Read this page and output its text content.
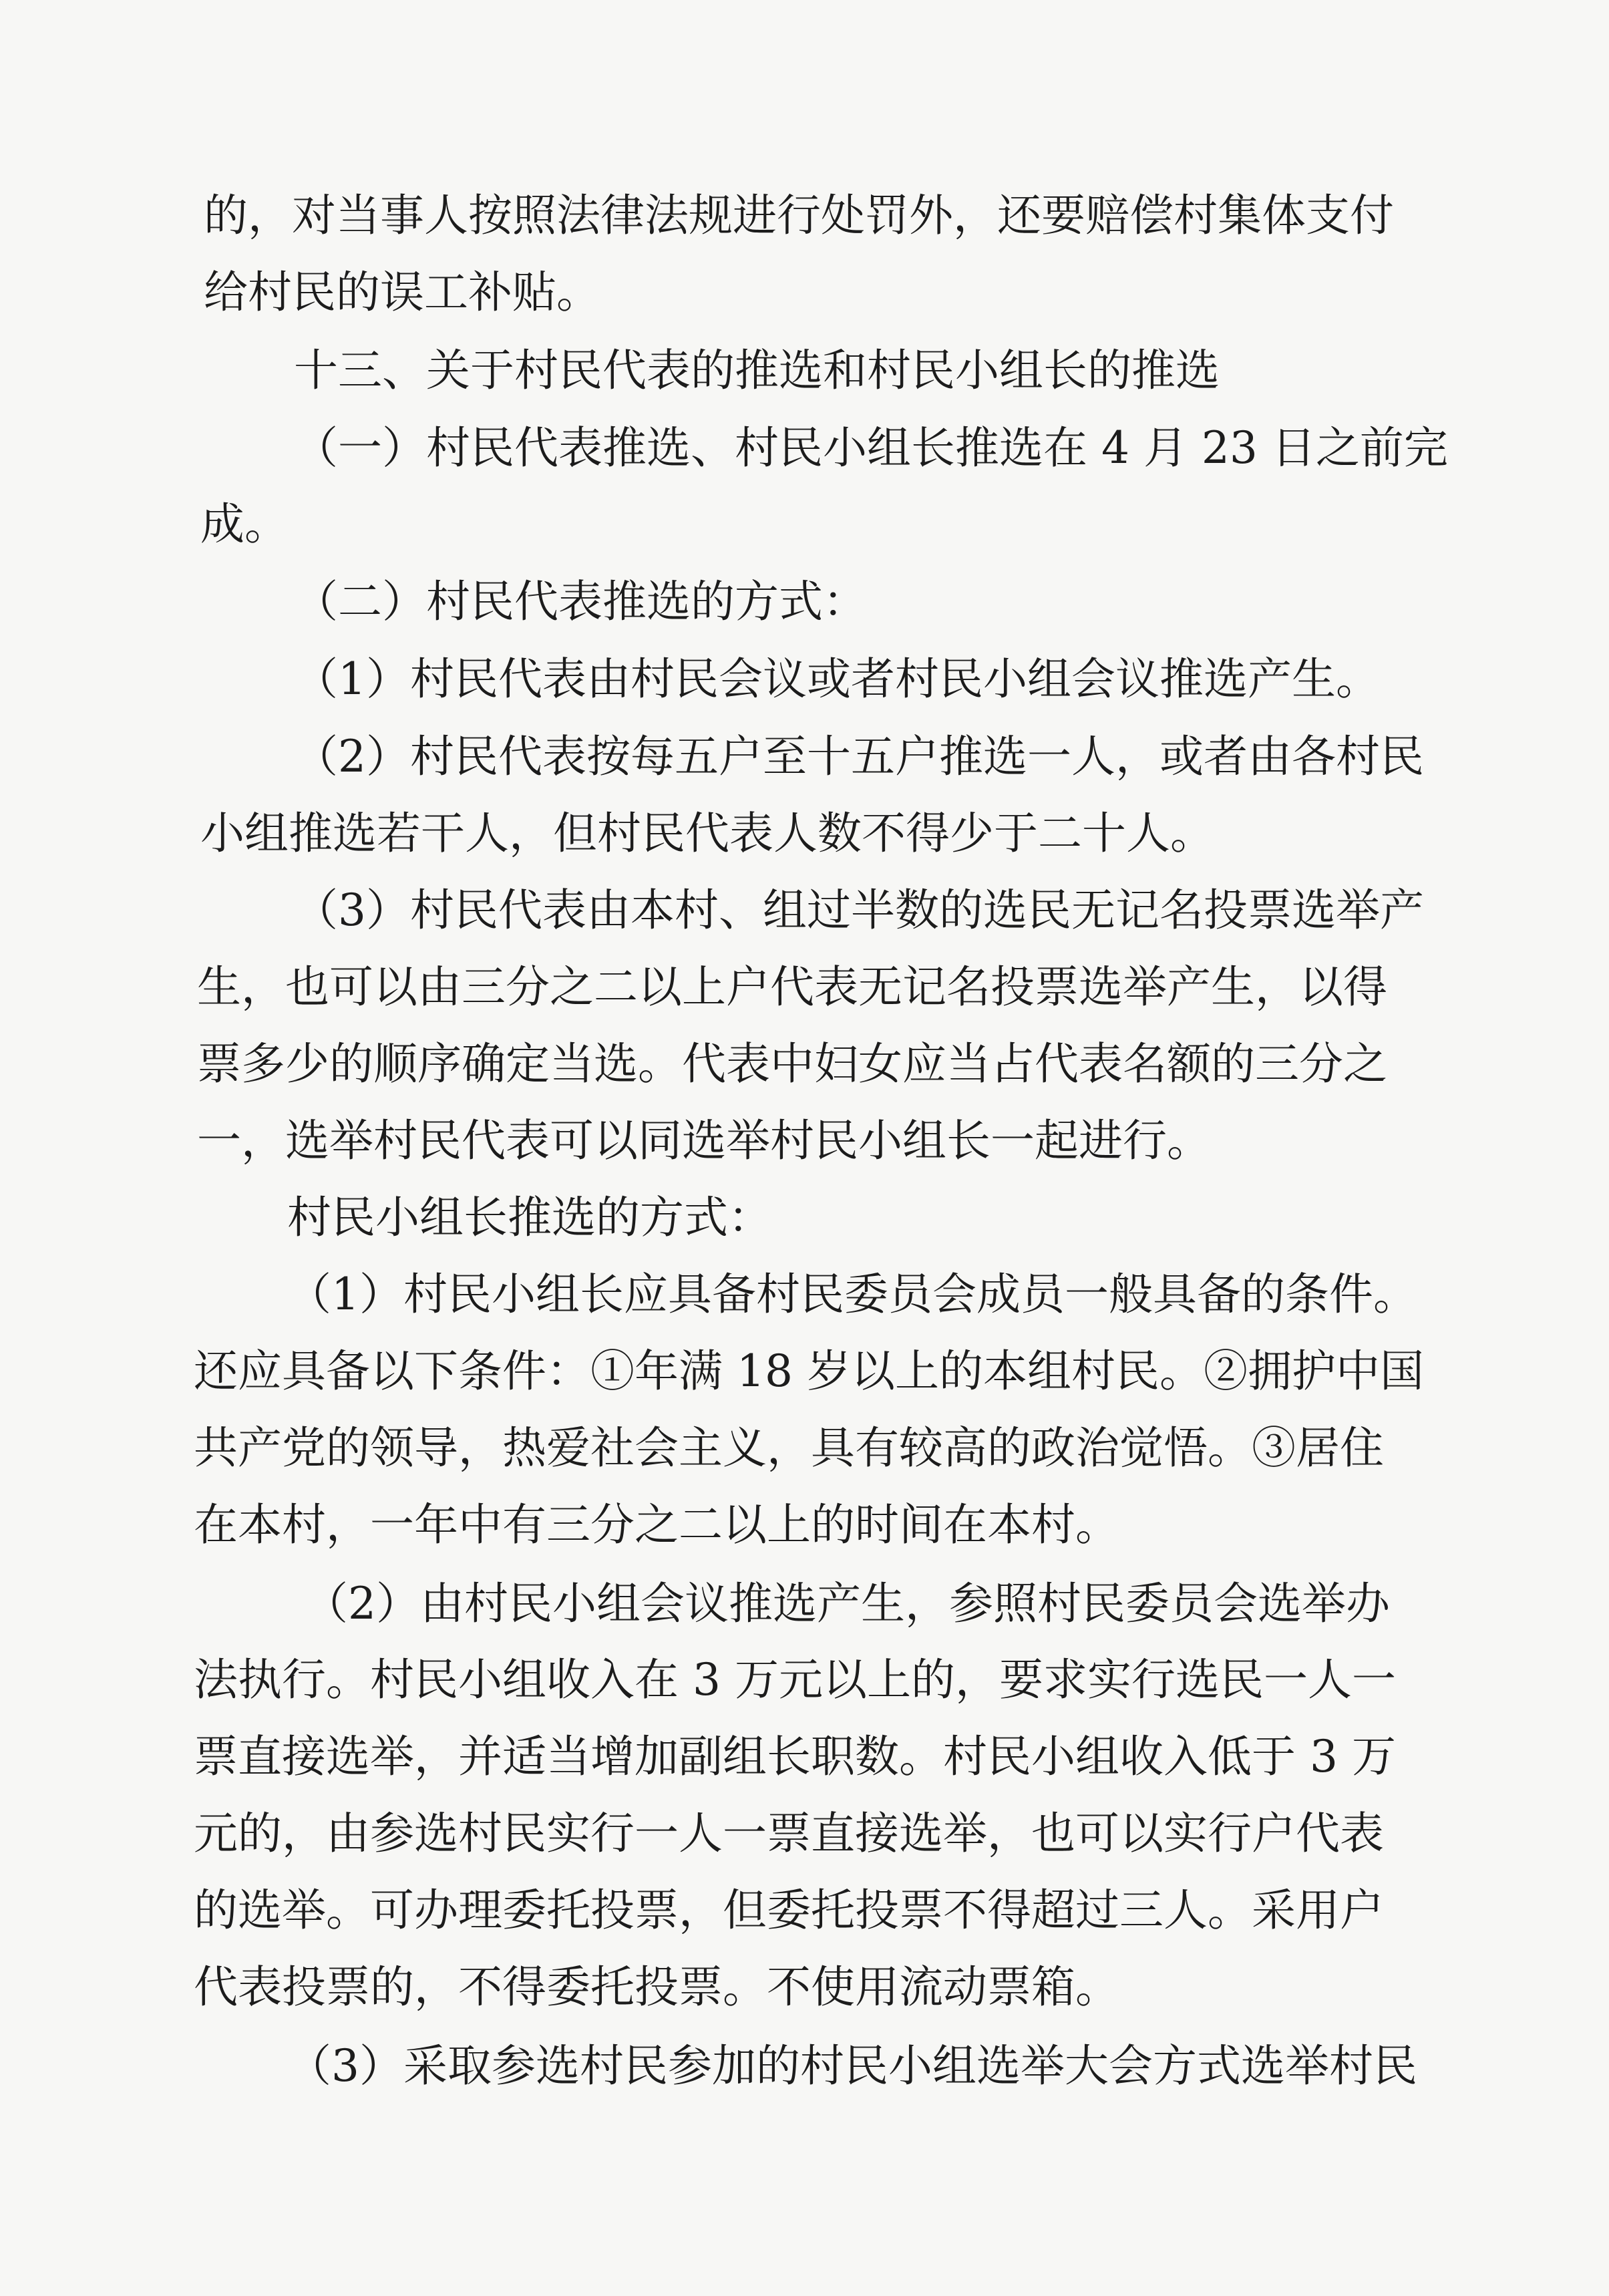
的，对当事人按照法律法规进行处罚外，还要赔偿村集体支付
给村民的误工补贴。
十三、关于村民代表的推选和村民小组长的推选
（一）村民代表推选、村民小组长推选在 4 月 23 日之前完
成。
（二）村民代表推选的方式：
（1）村民代表由村民会议或者村民小组会议推选产生。
（2）村民代表按每五户至十五户推选一人，或者由各村民
小组推选若干人，但村民代表人数不得少于二十人。
（3）村民代表由本村、组过半数的选民无记名投票选举产
生，也可以由三分之二以上户代表无记名投票选举产生，以得
票多少的顺序确定当选。代表中妇女应当占代表名额的三分之
一，选举村民代表可以同选举村民小组长一起进行。
村民小组长推选的方式：
（1）村民小组长应具备村民委员会成员一般具备的条件。
还应具备以下条件：①年满 18 岁以上的本组村民。②拥护中国
共产党的领导，热爱社会主义，具有较高的政治觉悟。③居住
在本村，一年中有三分之二以上的时间在本村。
（2）由村民小组会议推选产生，参照村民委员会选举办
法执行。村民小组收入在 3 万元以上的，要求实行选民一人一
票直接选举，并适当增加副组长职数。村民小组收入低于 3 万
元的，由参选村民实行一人一票直接选举，也可以实行户代表
的选举。可办理委托投票，但委托投票不得超过三人。采用户
代表投票的，不得委托投票。不使用流动票箱。
（3）采取参选村民参加的村民小组选举大会方式选举村民
